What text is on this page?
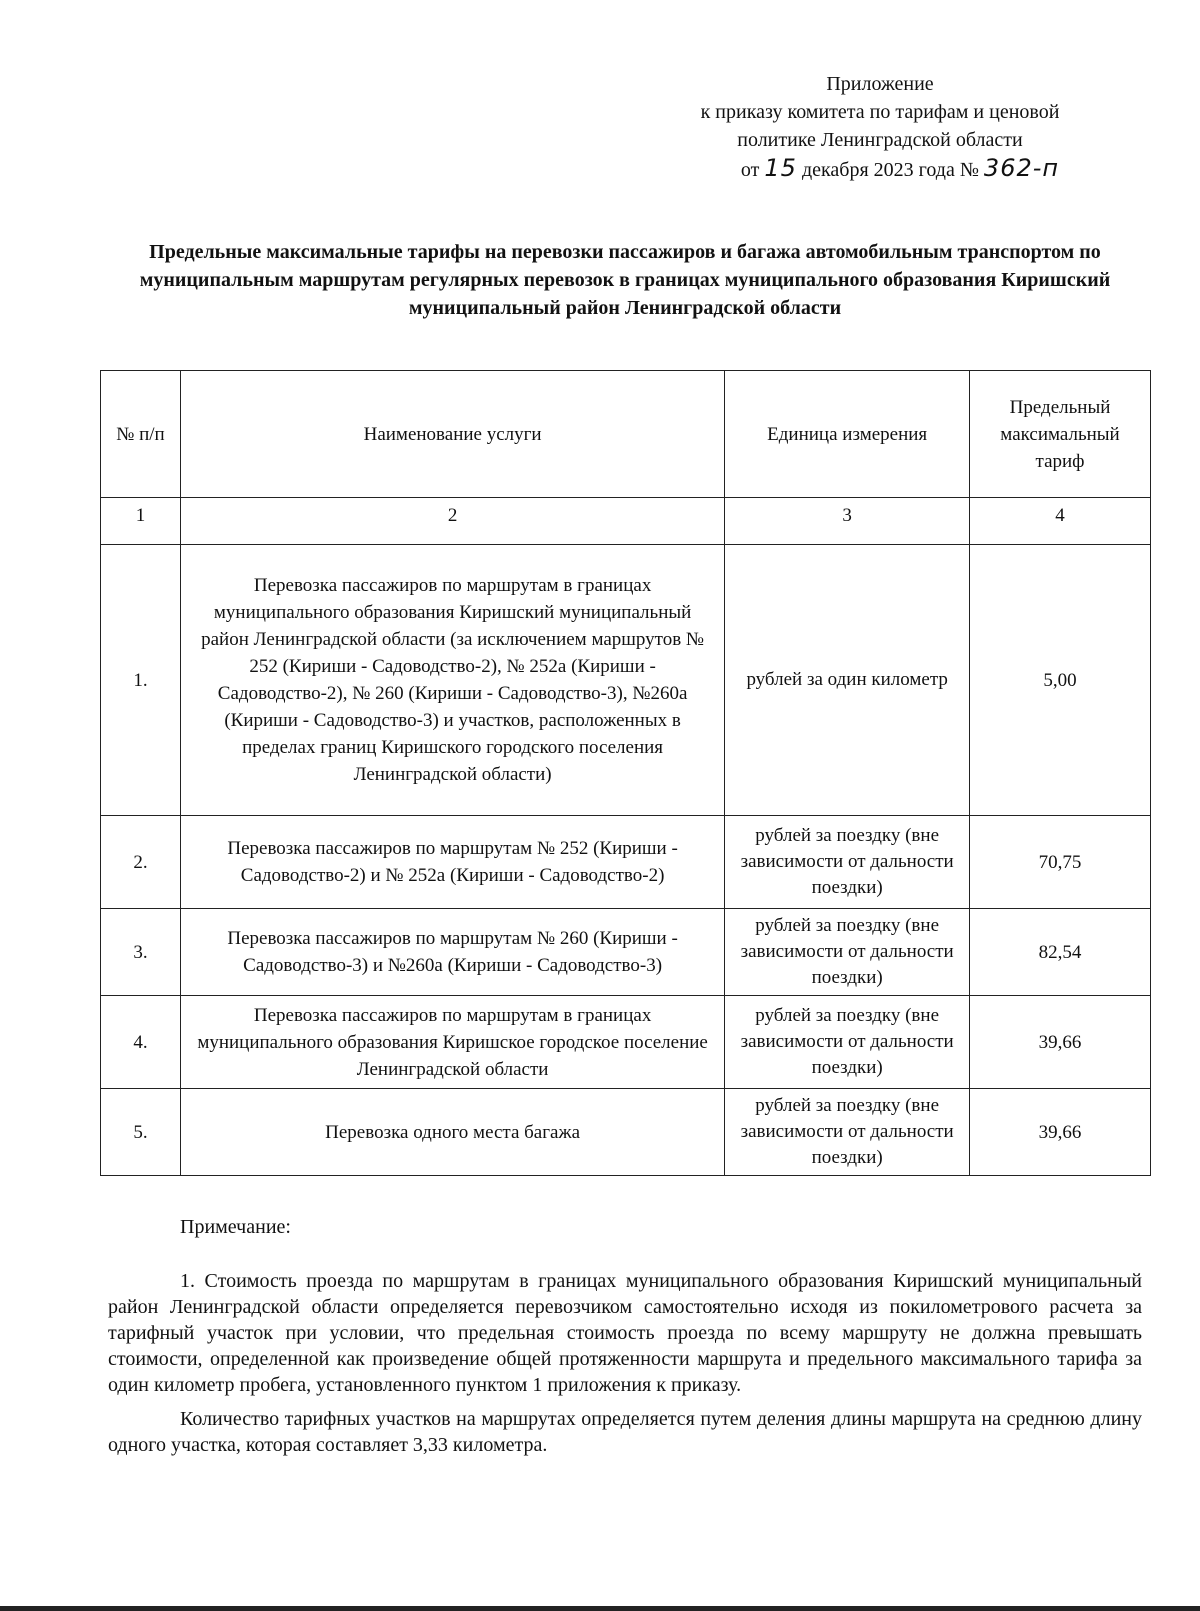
Приложение
к приказу комитета по тарифам и ценовой
политике Ленинградской области
от 15 декабря 2023 года № 362-п
Предельные максимальные тарифы на перевозки пассажиров и багажа автомобильным транспортом по муниципальным маршрутам регулярных перевозок в границах муниципального образования Киришский муниципальный район Ленинградской области
№ п/п	Наименование услуги	Единица измерения	Предельный максимальный тариф
1	2	3	4
1.	Перевозка пассажиров по маршрутам в границах муниципального образования Киришский муниципальный район Ленинградской области (за исключением маршрутов № 252 (Кириши - Садоводство-2), № 252а (Кириши - Садоводство-2), № 260 (Кириши - Садоводство-3), №260а (Кириши - Садоводство-3) и участков, расположенных в пределах границ Киришского городского поселения Ленинградской области)	рублей за один километр	5,00
2.	Перевозка пассажиров по маршрутам № 252 (Кириши - Садоводство-2) и № 252а (Кириши - Садоводство-2)	рублей за поездку (вне зависимости от дальности поездки)	70,75
3.	Перевозка пассажиров по маршрутам № 260 (Кириши - Садоводство-3) и №260а (Кириши - Садоводство-3)	рублей за поездку (вне зависимости от дальности поездки)	82,54
4.	Перевозка пассажиров по маршрутам в границах муниципального образования Киришское городское поселение Ленинградской области	рублей за поездку (вне зависимости от дальности поездки)	39,66
5.	Перевозка одного места багажа	рублей за поездку (вне зависимости от дальности поездки)	39,66
Примечание:

1. Стоимость проезда по маршрутам в границах муниципального образования Киришский муниципальный район Ленинградской области определяется перевозчиком самостоятельно исходя из покилометрового расчета за тарифный участок при условии, что предельная стоимость проезда по всему маршруту не должна превышать стоимости, определенной как произведение общей протяженности маршрута и предельного максимального тарифа за один километр пробега, установленного пунктом 1 приложения к приказу.

Количество тарифных участков на маршрутах определяется путем деления длины маршрута на среднюю длину одного участка, которая составляет 3,33 километра.
